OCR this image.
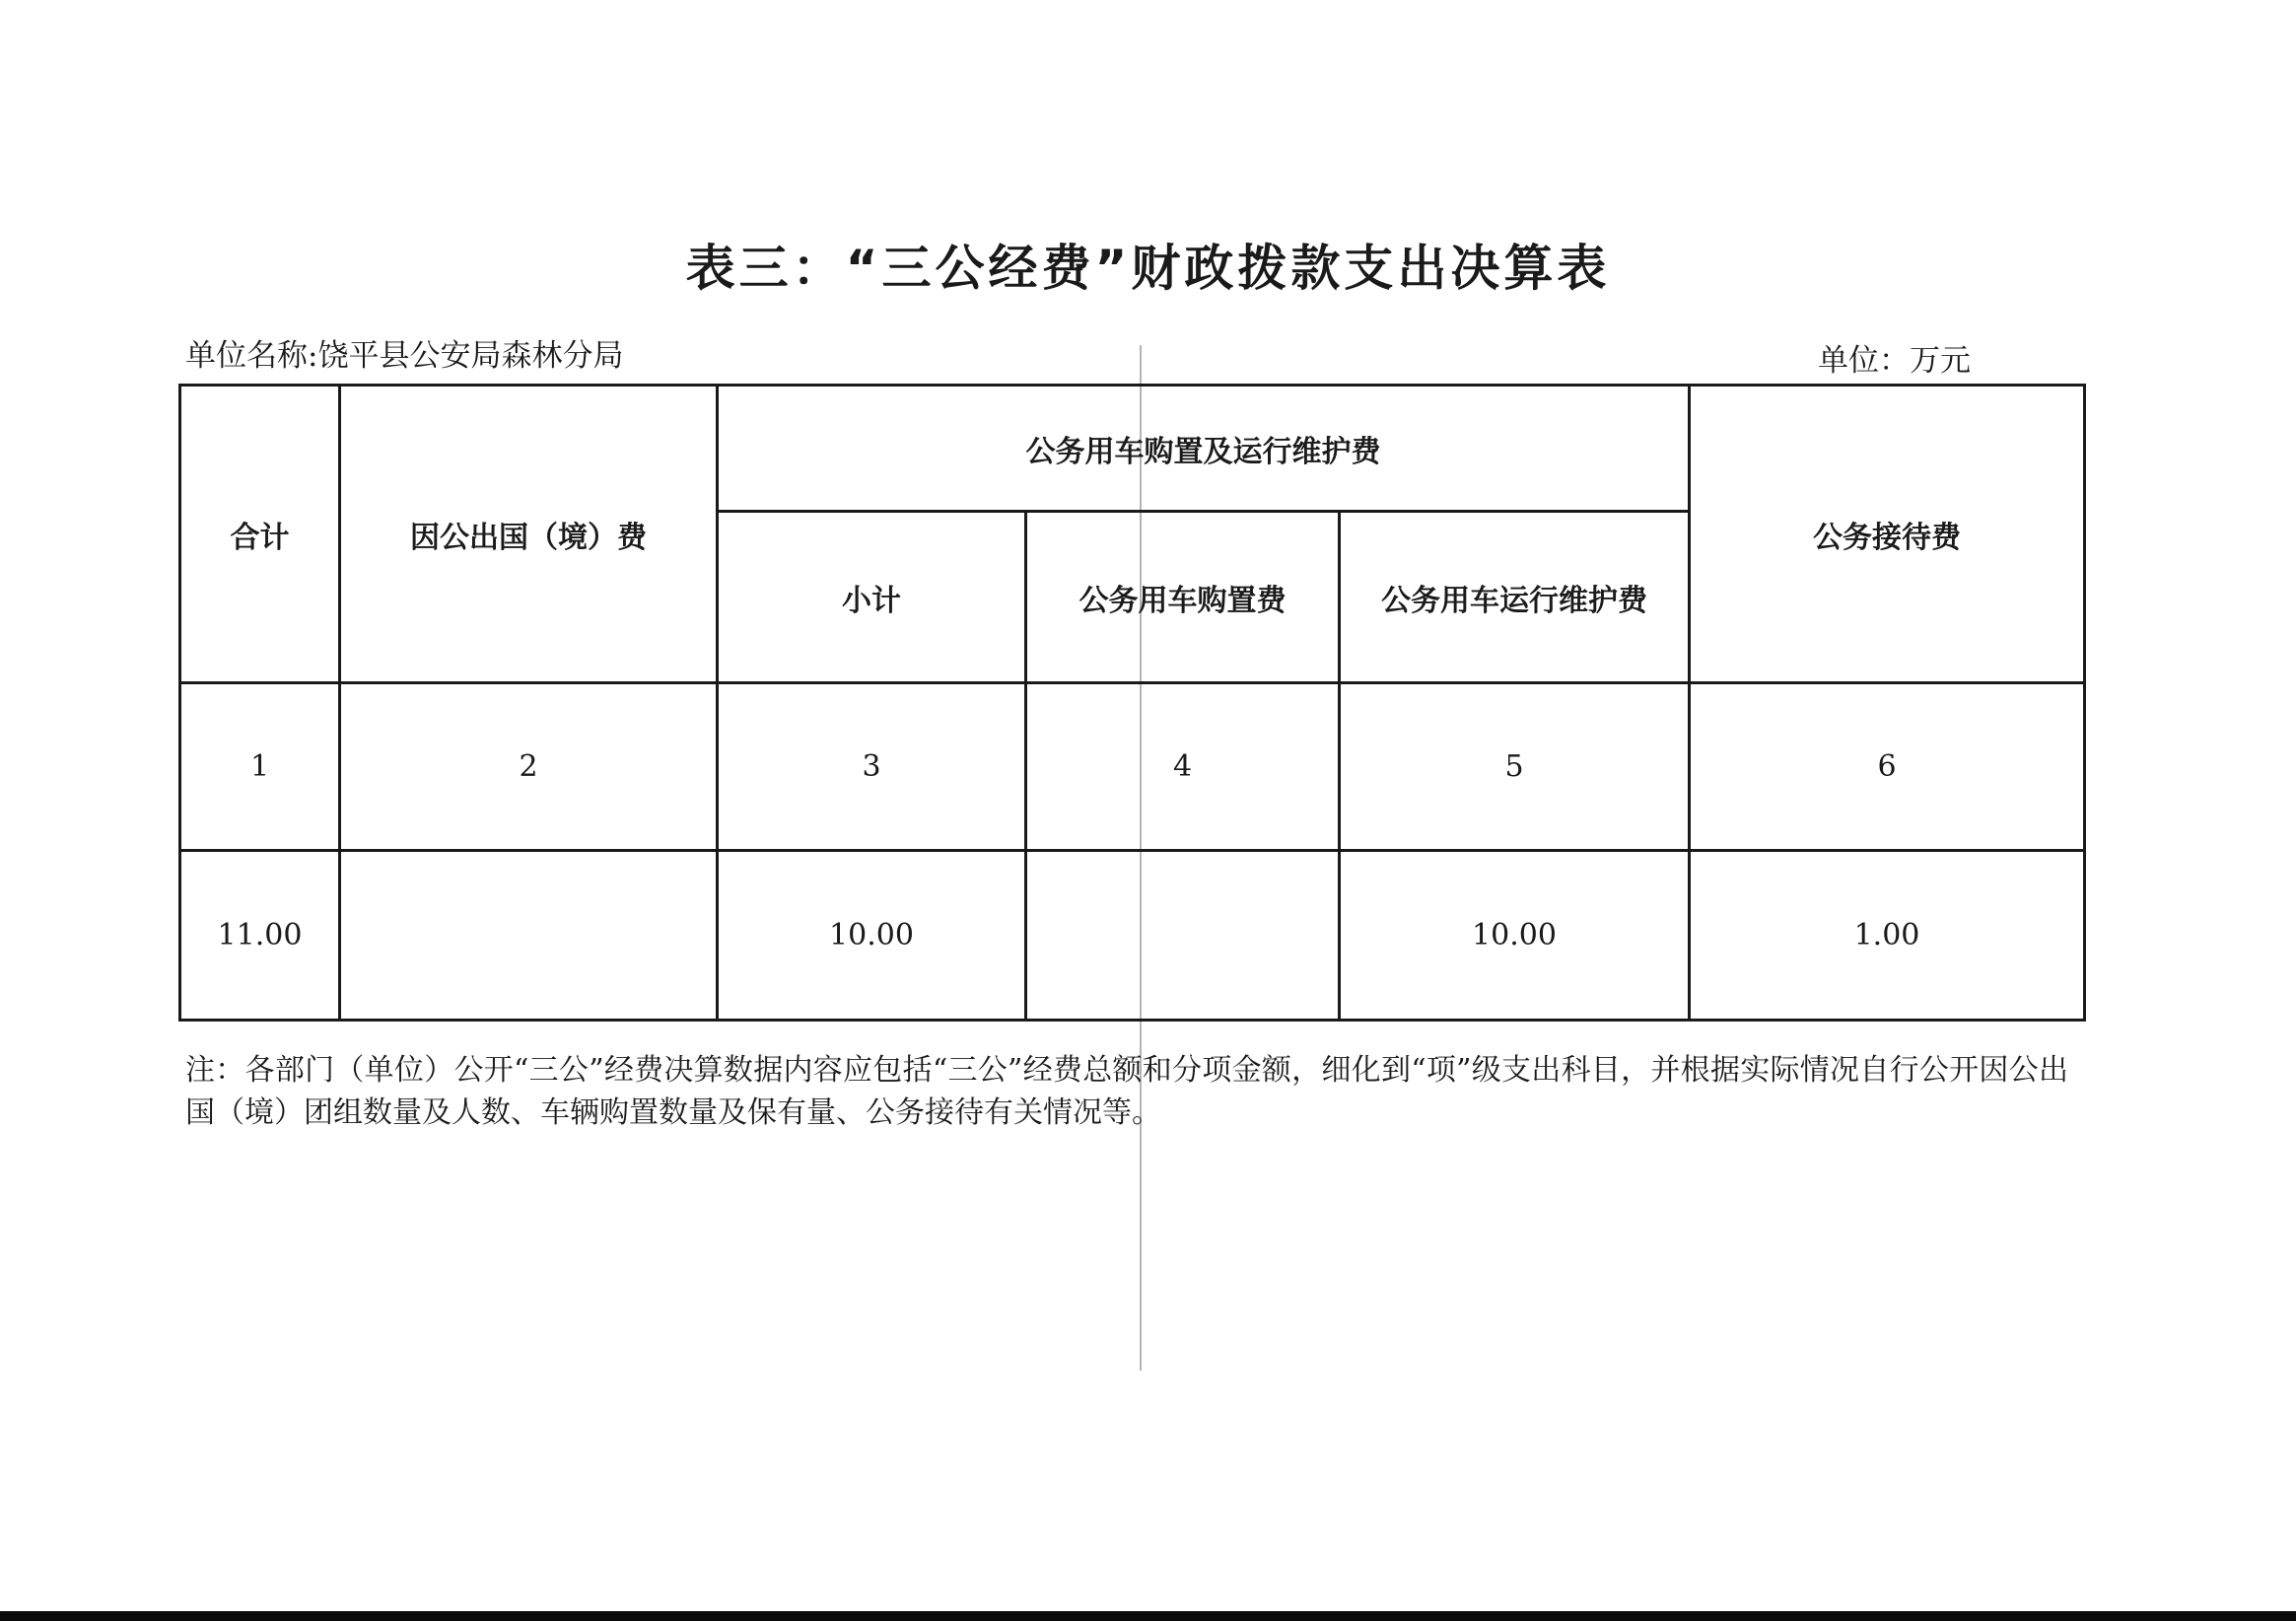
表三：“三公经费”财政拨款支出决算表
单位名称:饶平县公安局森林分局	单位：万元
合计	因公出国（境）费	公务用车购置及运行维护费			公务接待费
		小计	公务用车购置费	公务用车运行维护费	
1	2	3	4	5	6
11.00		10.00		10.00	1.00
注：各部门（单位）公开“三公”经费决算数据内容应包括“三公”经费总额和分项金额，细化到“项”级支出科目，并根据实际情况自行公开因公出国（境）团组数量及人数、车辆购置数量及保有量、公务接待有关情况等。
